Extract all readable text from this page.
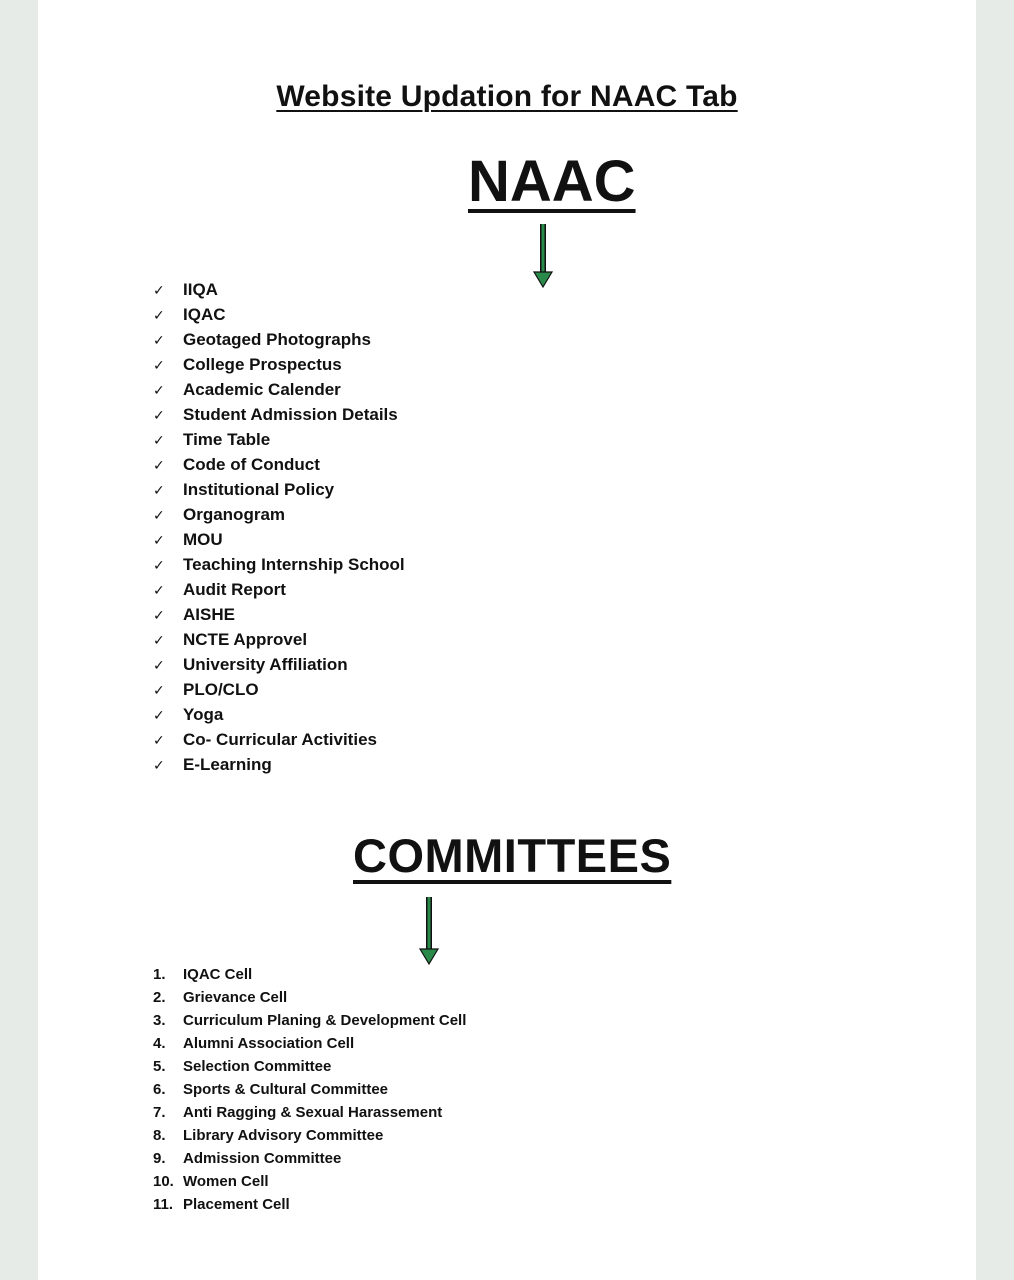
Website Updation for NAAC Tab
NAAC
✓ IIQA
✓ IQAC
✓ Geotaged Photographs
✓ College Prospectus
✓ Academic Calender
✓ Student Admission Details
✓ Time Table
✓ Code of Conduct
✓ Institutional Policy
✓ Organogram
✓ MOU
✓ Teaching Internship School
✓ Audit Report
✓ AISHE
✓ NCTE Approvel
✓ University Affiliation
✓ PLO/CLO
✓ Yoga
✓ Co- Curricular Activities
✓ E-Learning
COMMITTEES
1. IQAC Cell
2. Grievance Cell
3. Curriculum Planing & Development Cell
4. Alumni Association Cell
5. Selection Committee
6. Sports & Cultural Committee
7. Anti Ragging & Sexual Harassement
8. Library Advisory Committee
9. Admission Committee
10. Women Cell
11. Placement Cell
